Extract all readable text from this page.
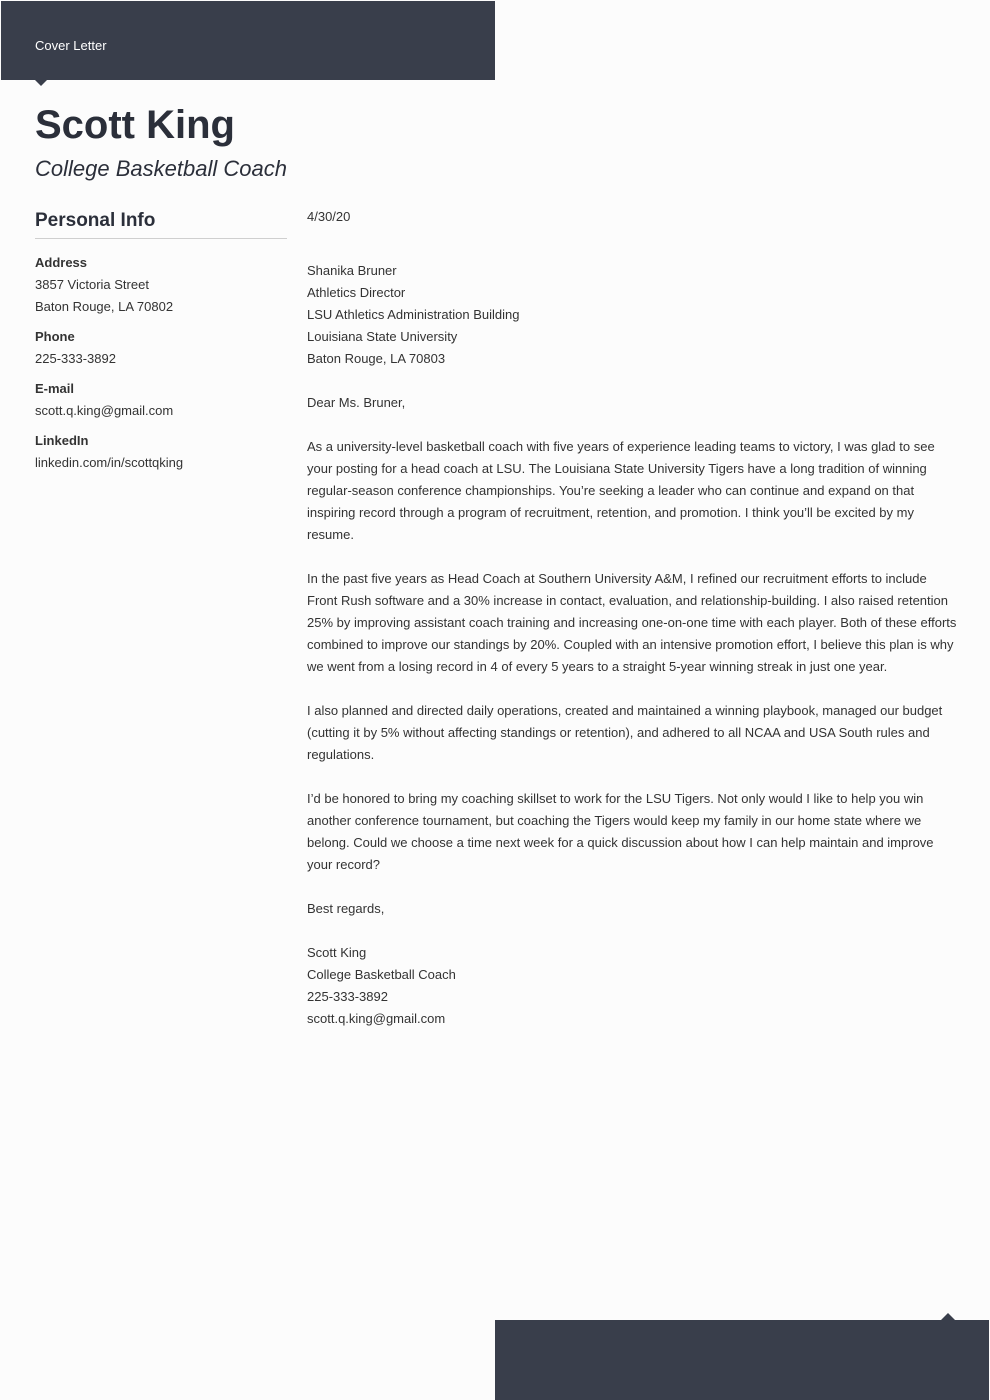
Cover Letter
Scott King
College Basketball Coach
Personal Info
Address
3857 Victoria Street
Baton Rouge, LA 70802
Phone
225-333-3892
E-mail
scott.q.king@gmail.com
LinkedIn
linkedin.com/in/scottqking
4/30/20
Shanika Bruner
Athletics Director
LSU Athletics Administration Building
Louisiana State University
Baton Rouge, LA 70803

Dear Ms. Bruner,

As a university-level basketball coach with five years of experience leading teams to victory, I was glad to see your posting for a head coach at LSU. The Louisiana State University Tigers have a long tradition of winning regular-season conference championships. You’re seeking a leader who can continue and expand on that inspiring record through a program of recruitment, retention, and promotion. I think you’ll be excited by my resume.

In the past five years as Head Coach at Southern University A&M, I refined our recruitment efforts to include Front Rush software and a 30% increase in contact, evaluation, and relationship-building. I also raised retention 25% by improving assistant coach training and increasing one-on-one time with each player. Both of these efforts combined to improve our standings by 20%. Coupled with an intensive promotion effort, I believe this plan is why we went from a losing record in 4 of every 5 years to a straight 5-year winning streak in just one year.

I also planned and directed daily operations, created and maintained a winning playbook, managed our budget (cutting it by 5% without affecting standings or retention), and adhered to all NCAA and USA South rules and regulations.

I’d be honored to bring my coaching skillset to work for the LSU Tigers. Not only would I like to help you win another conference tournament, but coaching the Tigers would keep my family in our home state where we belong. Could we choose a time next week for a quick discussion about how I can help maintain and improve your record?

Best regards,

Scott King
College Basketball Coach
225-333-3892
scott.q.king@gmail.com
